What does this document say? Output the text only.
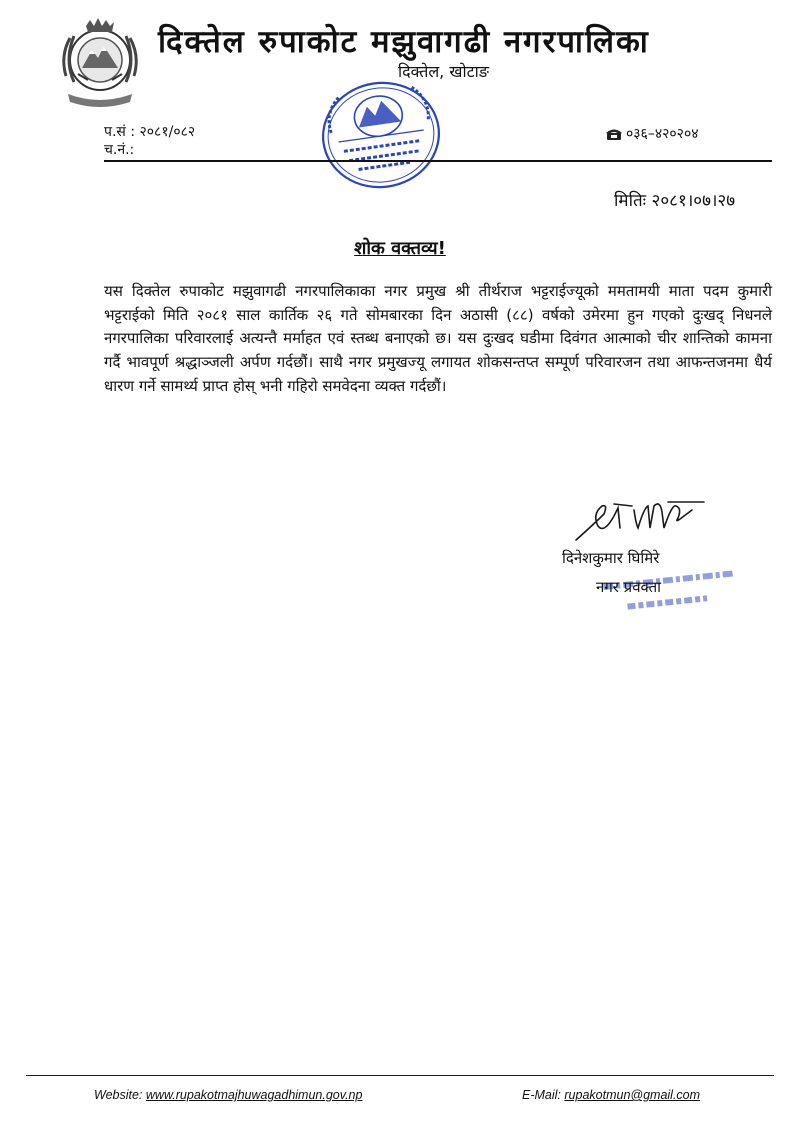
दिक्तेल रुपाकोट मझुवागढी नगरपालिका
दिक्तेल, खोटाङ
प.सं : २०८१/०८२
च.नं.:
०३६–४२०२०४
मितिः २०८१।०७।२७
शोक वक्तव्य!

यस दिक्तेल रुपाकोट मझुवागढी नगरपालिकाका नगर प्रमुख श्री तीर्थराज भट्टराईज्यूको ममतामयी माता पदम कुमारी भट्टराईको मिति २०८१ साल कार्तिक २६ गते सोमबारका दिन अठासी (८८) वर्षको उमेरमा हुन गएको दुःखद् निधनले नगरपालिका परिवारलाई अत्यन्तै मर्माहत एवं स्तब्ध बनाएको छ। यस दुःखद घडीमा दिवंगत आत्माको चीर शान्तिको कामना गर्दै भावपूर्ण श्रद्धाञ्जली अर्पण गर्दछौं। साथै नगर प्रमुखज्यू लगायत शोकसन्तप्त सम्पूर्ण परिवारजन तथा आफन्तजनमा धैर्य धारण गर्ने सामर्थ्य प्राप्त होस् भनी गहिरो समवेदना व्यक्त गर्दछौं।

दिनेशकुमार घिमिरे
नगर प्रवक्ता
Website: www.rupakotmajhuwagadhimun.gov.np	E-Mail: rupakotmun@gmail.com
